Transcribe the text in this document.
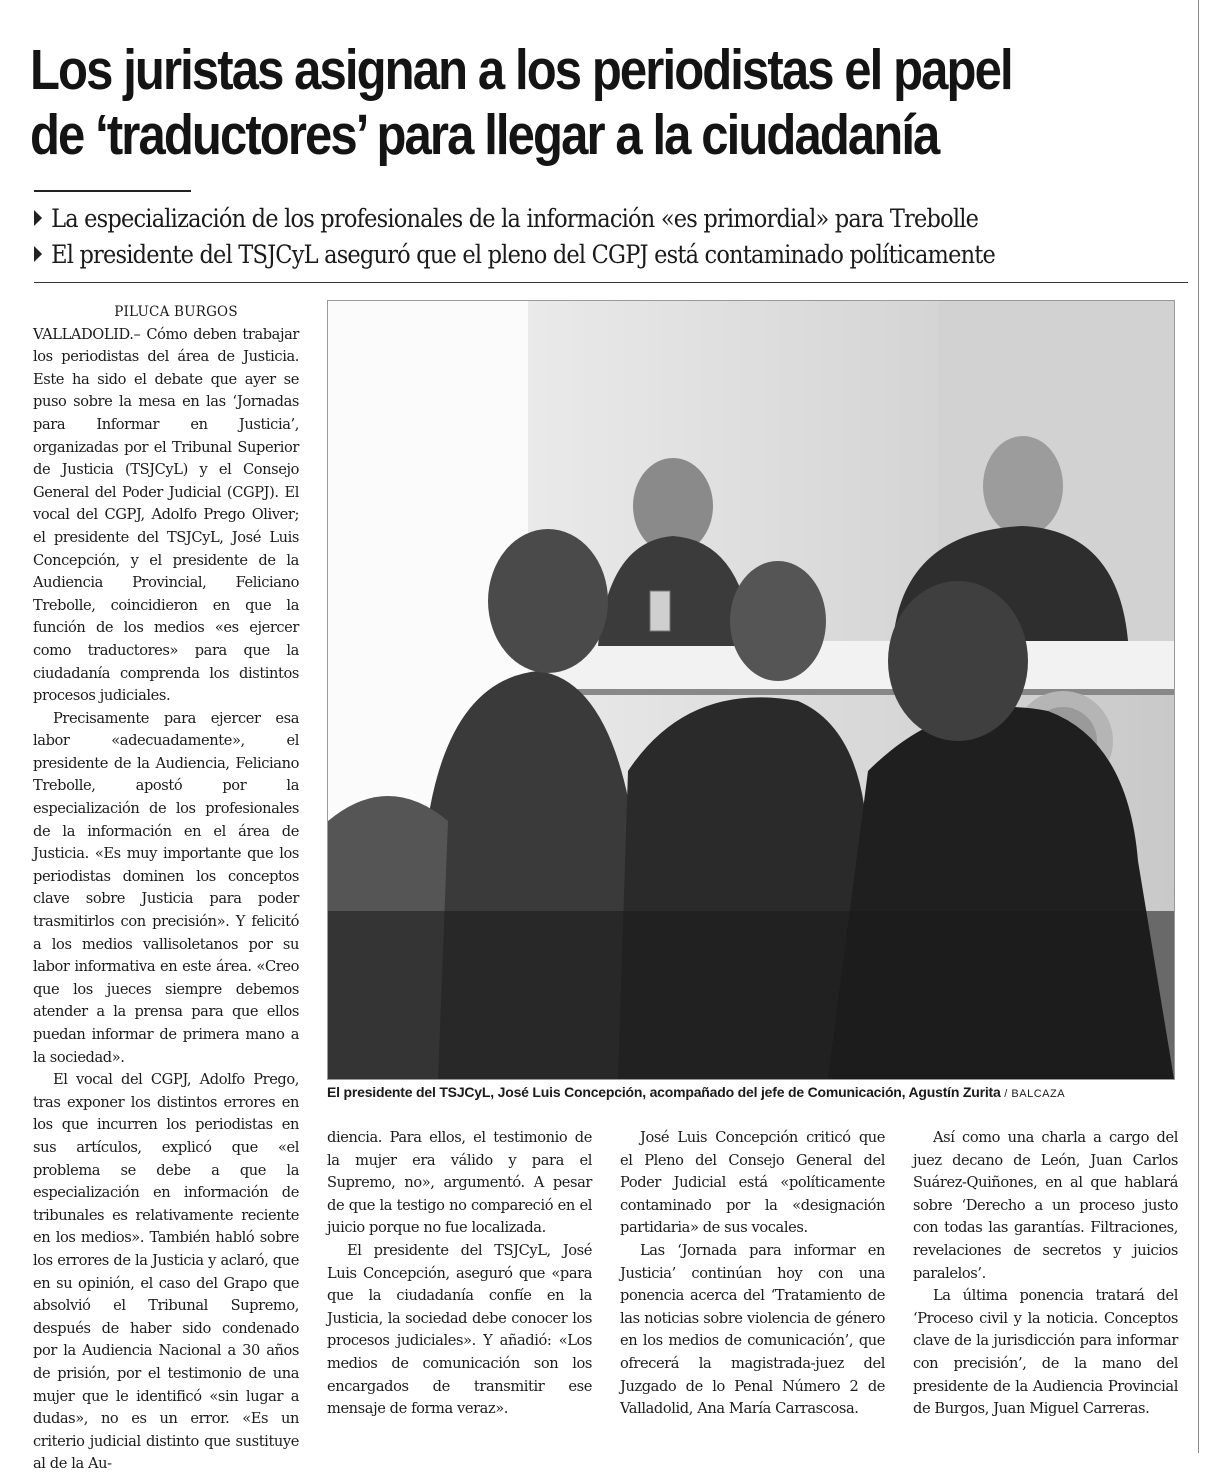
Los juristas asignan a los periodistas el papel
de ‘traductores’ para llegar a la ciudadanía
La especialización de los profesionales de la información «es primordial» para Trebolle
El presidente del TSJCyL aseguró que el pleno del CGPJ está contaminado políticamente

PILUCA BURGOS

VALLADOLID.– Cómo deben trabajar los periodistas del área de Justicia. Este ha sido el debate que ayer se puso sobre la mesa en las ‘Jornadas para Informar en Justicia’, organizadas por el Tribunal Superior de Justicia (TSJCyL) y el Consejo General del Poder Judicial (CGPJ). El vocal del CGPJ, Adolfo Prego Oliver; el presidente del TSJCyL, José Luis Concepción, y el presidente de la Audiencia Provincial, Feliciano Trebolle, coincidieron en que la función de los medios «es ejercer como traductores» para que la ciudadanía comprenda los distintos procesos judiciales.

Precisamente para ejercer esa labor «adecuadamente», el presidente de la Audiencia, Feliciano Trebolle, apostó por la especialización de los profesionales de la información en el área de Justicia. «Es muy importante que los periodistas dominen los conceptos clave sobre Justicia para poder trasmitirlos con precisión». Y felicitó a los medios vallisoletanos por su labor informativa en este área. «Creo que los jueces siempre debemos atender a la prensa para que ellos puedan informar de primera mano a la sociedad».

El vocal del CGPJ, Adolfo Prego, tras exponer los distintos errores en los que incurren los periodistas en sus artículos, explicó que «el problema se debe a que la especialización en información de tribunales es relativamente reciente en los medios». También habló sobre los errores de la Justicia y aclaró, que en su opinión, el caso del Grapo que absolvió el Tribunal Supremo, después de haber sido condenado por la Audiencia Nacional a 30 años de prisión, por el testimonio de una mujer que le identificó «sin lugar a dudas», no es un error. «Es un criterio judicial distinto que sustituye al de la Au-

El presidente del TSJCyL, José Luis Concepción, acompañado del jefe de Comunicación, Agustín Zurita / BALCAZA

diencia. Para ellos, el testimonio de la mujer era válido y para el Supremo, no», argumentó. A pesar de que la testigo no compareció en el juicio porque no fue localizada.

El presidente del TSJCyL, José Luis Concepción, aseguró que «para que la ciudadanía confíe en la Justicia, la sociedad debe conocer los procesos judiciales». Y añadió: «Los medios de comunicación son los encargados de transmitir ese mensaje de forma veraz».

José Luis Concepción criticó que el Pleno del Consejo General del Poder Judicial está «políticamente contaminado por la «designación partidaria» de sus vocales.

Las ‘Jornada para informar en Justicia’ continúan hoy con una ponencia acerca del ‘Tratamiento de las noticias sobre violencia de género en los medios de comunicación’, que ofrecerá la magistrada-juez del Juzgado de lo Penal Número 2 de Valladolid, Ana María Carrascosa.

Así como una charla a cargo del juez decano de León, Juan Carlos Suárez-Quiñones, en al que hablará sobre ‘Derecho a un proceso justo con todas las garantías. Filtraciones, revelaciones de secretos y juicios paralelos’.

La última ponencia tratará del ‘Proceso civil y la noticia. Conceptos clave de la jurisdicción para informar con precisión’, de la mano del presidente de la Audiencia Provincial de Burgos, Juan Miguel Carreras.
